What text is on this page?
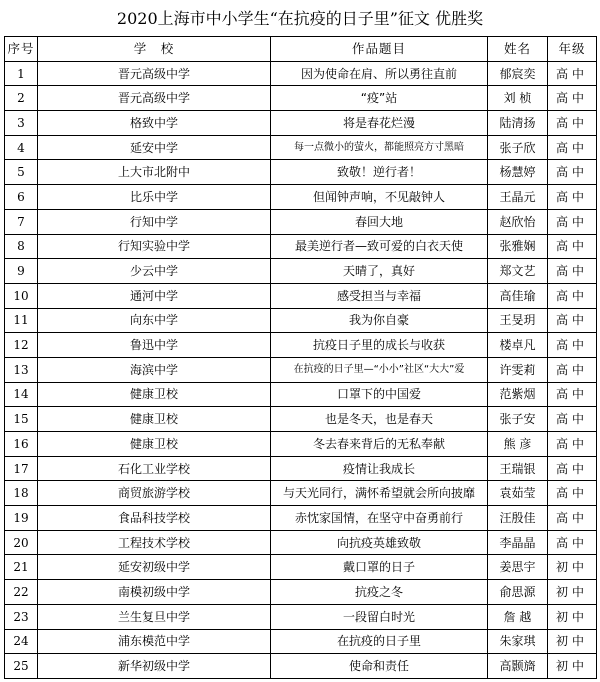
2020上海市中小学生“在抗疫的日子里”征文 优胜奖
序号	学　校	作品题目	姓名	年级
1	晋元高级中学	因为使命在肩、所以勇往直前	郁宸奕	高中
2	晋元高级中学	“疫”站	刘 桢	高中
3	格致中学	将是春花烂漫	陆清扬	高中
4	延安中学	每一点微小的萤火，都能照亮方寸黑暗	张子欣	高中
5	上大市北附中	致敬！逆行者！	杨慧婷	高中
6	比乐中学	但闻钟声响，不见敲钟人	王晶元	高中
7	行知中学	春回大地	赵欣怡	高中
8	行知实验中学	最美逆行者—致可爱的白衣天使	张雅娴	高中
9	少云中学	天晴了，真好	郑文艺	高中
10	通河中学	感受担当与幸福	高佳瑜	高中
11	向东中学	我为你自豪	王旻玥	高中
12	鲁迅中学	抗疫日子里的成长与收获	楼卓凡	高中
13	海滨中学	在抗疫的日子里—“小小”社区“大大”爱	许雯莉	高中
14	健康卫校	口罩下的中国爱	范紫烟	高中
15	健康卫校	也是冬天，也是春天	张子安	高中
16	健康卫校	冬去春来背后的无私奉献	熊 彦	高中
17	石化工业学校	疫情让我成长	王瑞银	高中
18	商贸旅游学校	与天光同行，满怀希望就会所向披靡	袁茹莹	高中
19	食品科技学校	赤忱家国情，在坚守中奋勇前行	汪殷佳	高中
20	工程技术学校	向抗疫英雄致敬	李晶晶	高中
21	延安初级中学	戴口罩的日子	姜思宇	初中
22	南模初级中学	抗疫之冬	俞思源	初中
23	兰生复旦中学	一段留白时光	詹 越	初中
24	浦东模范中学	在抗疫的日子里	朱家琪	初中
25	新华初级中学	使命和责任	高颢旖	初中
